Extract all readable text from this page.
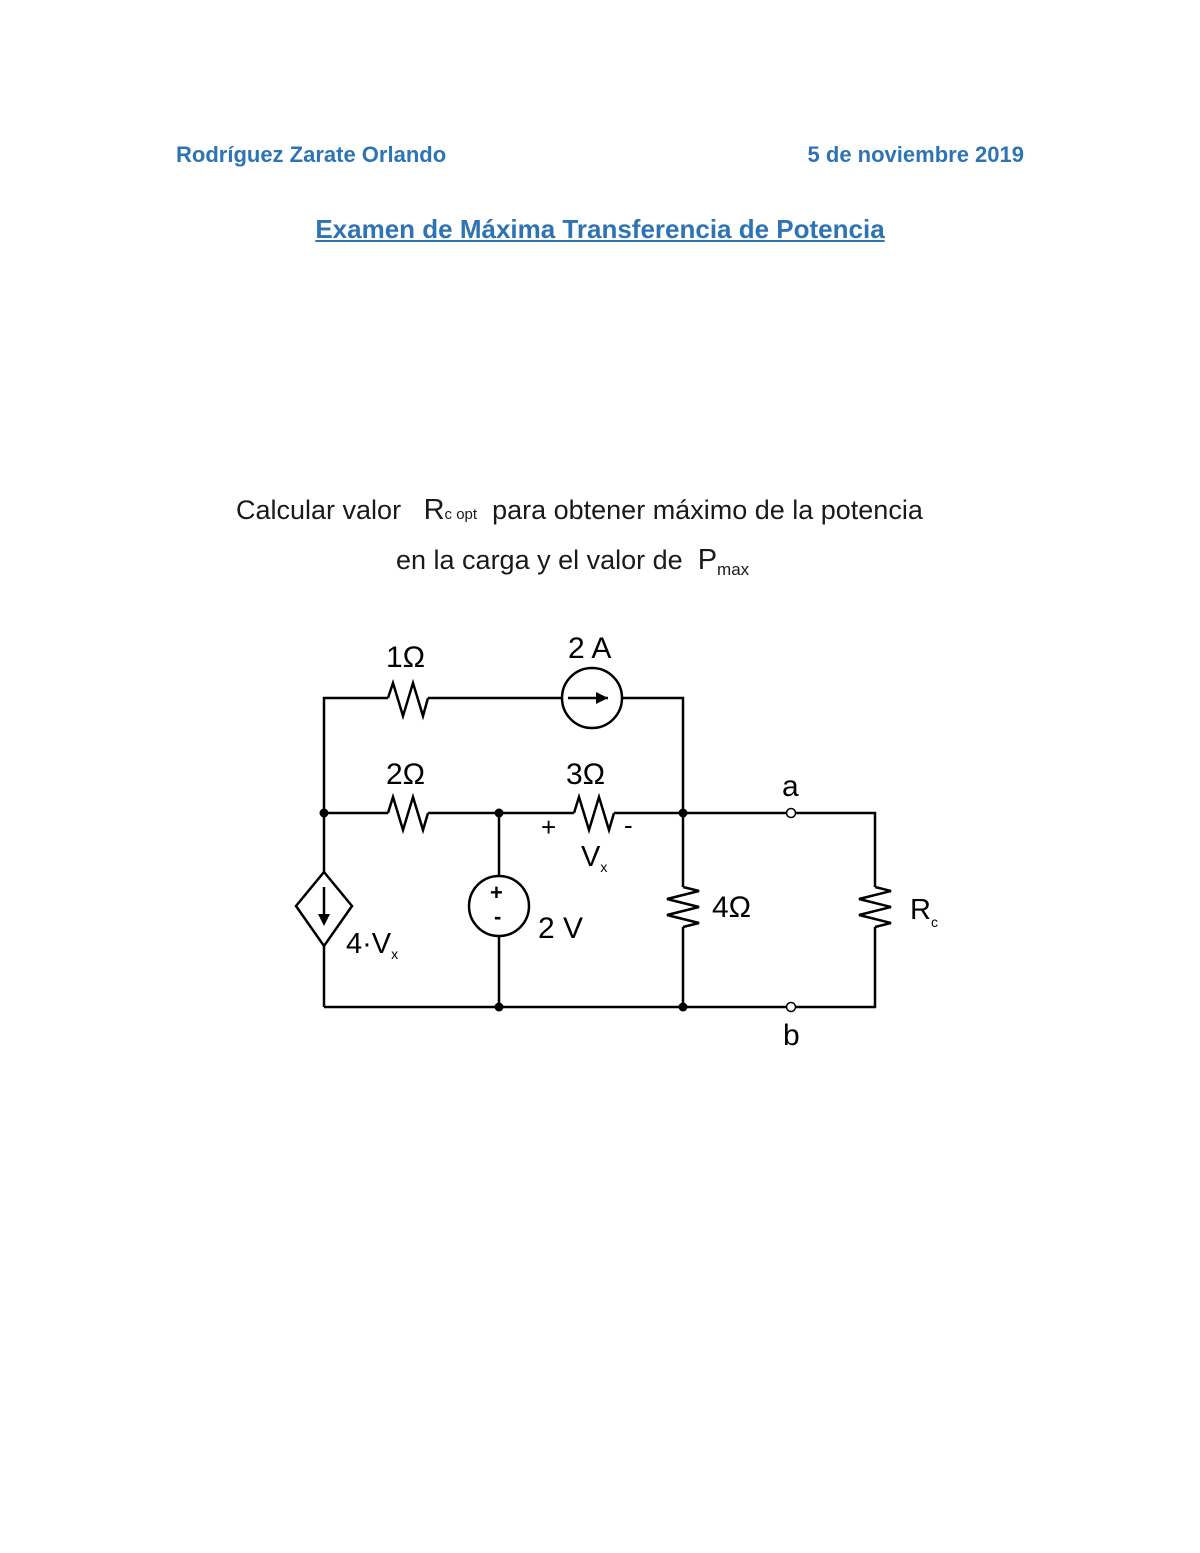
Rodríguez Zarate Orlando	5 de noviembre 2019
Examen de Máxima Transferencia de Potencia
Calcular valor Rc opt para obtener máximo de la potencia
en la carga y el valor de $P_{max}$
1Ω	2 A
2Ω	3Ω
+	-
$V_x$
$4\cdot V_x$
+
- 2 V
4Ω	$R_c$
a
b
